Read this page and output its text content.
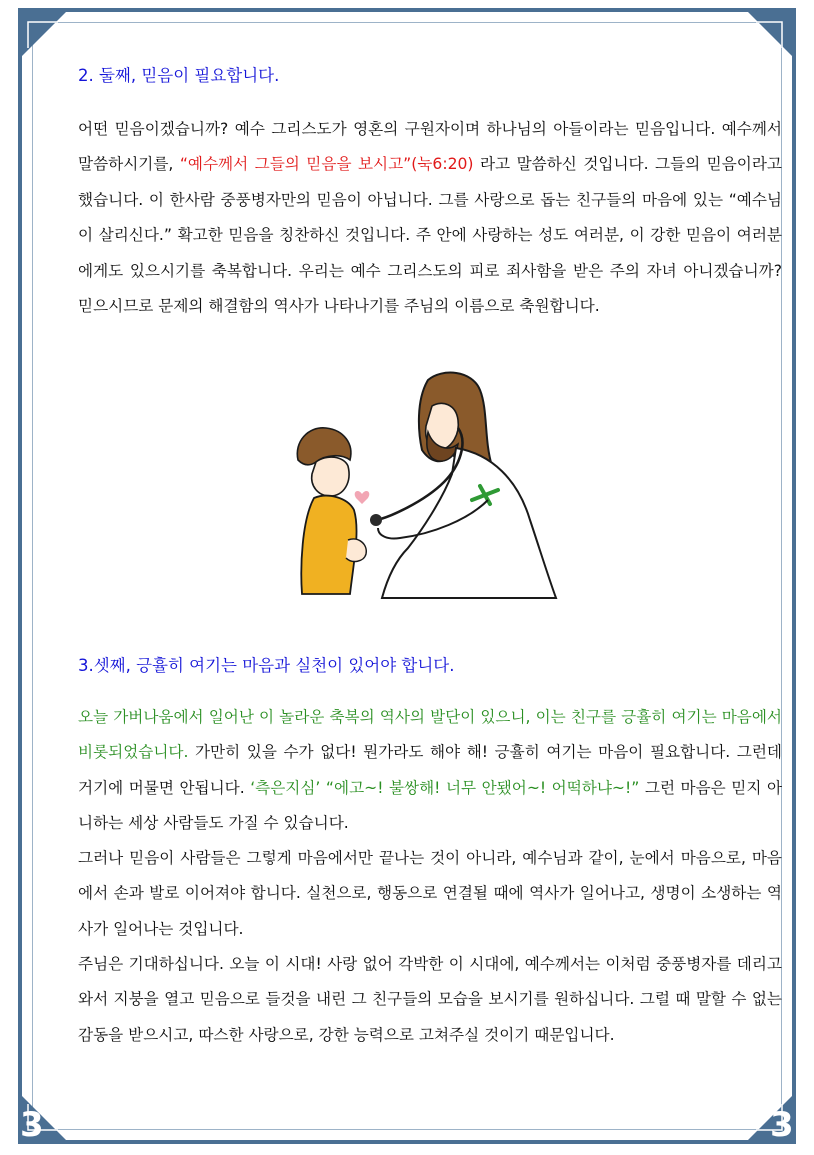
3	3
2. 둘째, 믿음이 필요합니다.

어떤 믿음이겠습니까? 예수 그리스도가 영혼의 구원자이며 하나님의 아들이라는 믿음입니다. 예수께서 말씀하시기를, “예수께서 그들의 믿음을 보시고”(눅6:20) 라고 말씀하신 것입니다. 그들의 믿음이라고 했습니다. 이 한사람 중풍병자만의 믿음이 아닙니다. 그를 사랑으로 돕는 친구들의 마음에 있는 “예수님이 살리신다.” 확고한 믿음을 칭찬하신 것입니다. 주 안에 사랑하는 성도 여러분, 이 강한 믿음이 여러분에게도 있으시기를 축복합니다. 우리는 예수 그리스도의 피로 죄사함을 받은 주의 자녀 아니겠습니까? 믿으시므로 문제의 해결함의 역사가 나타나기를 주님의 이름으로 축원합니다.

3.셋째, 긍휼히 여기는 마음과 실천이 있어야 합니다.

오늘 가버나움에서 일어난 이 놀라운 축복의 역사의 발단이 있으니, 이는 친구를 긍휼히 여기는 마음에서 비롯되었습니다. 가만히 있을 수가 없다! 뭔가라도 해야 해! 긍휼히 여기는 마음이 필요합니다. 그런데 거기에 머물면 안됩니다. ‘측은지심’ “에고~! 불쌍해! 너무 안됐어~! 어떡하냐~!” 그런 마음은 믿지 아니하는 세상 사람들도 가질 수 있습니다.

그러나 믿음이 사람들은 그렇게 마음에서만 끝나는 것이 아니라, 예수님과 같이, 눈에서 마음으로, 마음에서 손과 발로 이어져야 합니다. 실천으로, 행동으로 연결될 때에 역사가 일어나고, 생명이 소생하는 역사가 일어나는 것입니다.

주님은 기대하십니다. 오늘 이 시대! 사랑 없어 각박한 이 시대에, 예수께서는 이처럼 중풍병자를 데리고 와서 지붕을 열고 믿음으로 들것을 내린 그 친구들의 모습을 보시기를 원하십니다. 그럴 때 말할 수 없는 감동을 받으시고, 따스한 사랑으로, 강한 능력으로 고쳐주실 것이기 때문입니다.
